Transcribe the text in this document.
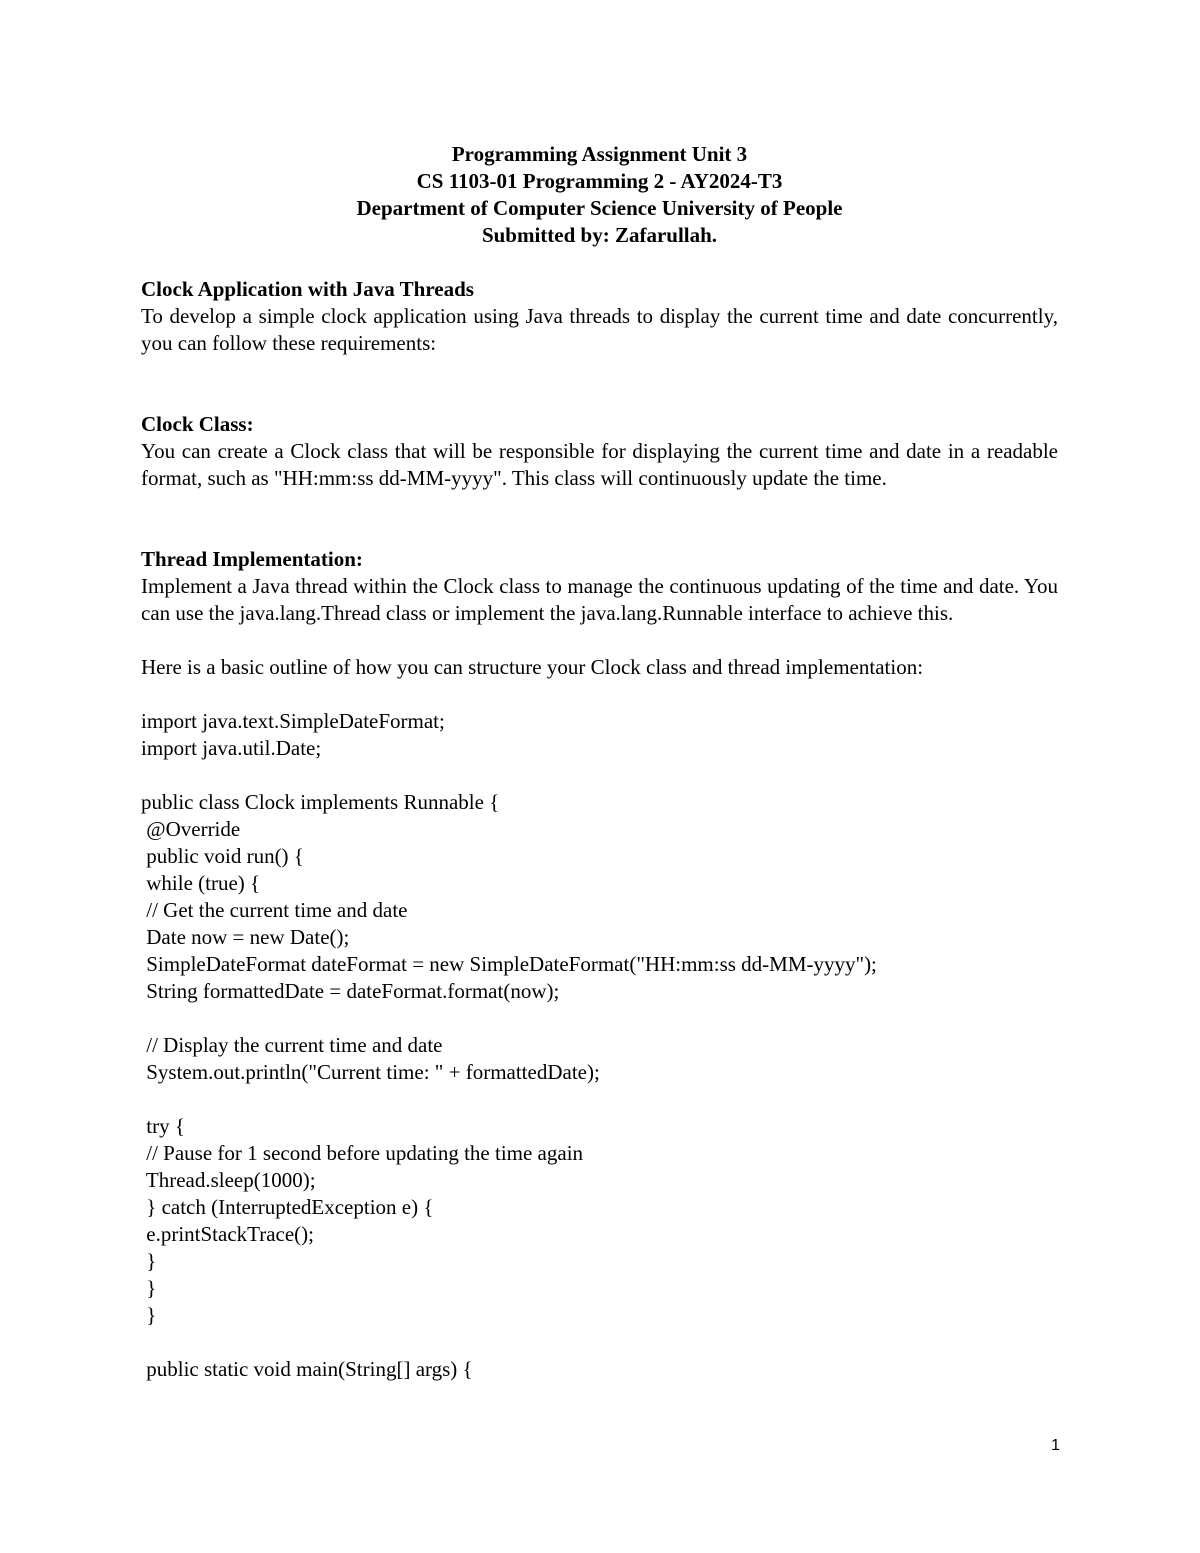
Programming Assignment Unit 3
CS 1103-01 Programming 2 - AY2024-T3
Department of Computer Science University of People
Submitted by: Zafarullah.
Clock Application with Java Threads

To develop a simple clock application using Java threads to display the current time and date concurrently, you can follow these requirements:

Clock Class:

You can create a Clock class that will be responsible for displaying the current time and date in a readable format, such as "HH:mm:ss dd-MM-yyyy". This class will continuously update the time.

Thread Implementation:

Implement a Java thread within the Clock class to manage the continuous updating of the time and date. You can use the java.lang.Thread class or implement the java.lang.Runnable interface to achieve this.

Here is a basic outline of how you can structure your Clock class and thread implementation:

import java.text.SimpleDateFormat;
import java.util.Date;
public class Clock implements Runnable {
@Override
public void run() {
while (true) {
// Get the current time and date
Date now = new Date();
SimpleDateFormat dateFormat = new SimpleDateFormat("HH:mm:ss dd-MM-yyyy");
String formattedDate = dateFormat.format(now);
// Display the current time and date
System.out.println("Current time: " + formattedDate);
try {
// Pause for 1 second before updating the time again
Thread.sleep(1000);
} catch (InterruptedException e) {
e.printStackTrace();
}
}
}
public static void main(String[] args) {
1
